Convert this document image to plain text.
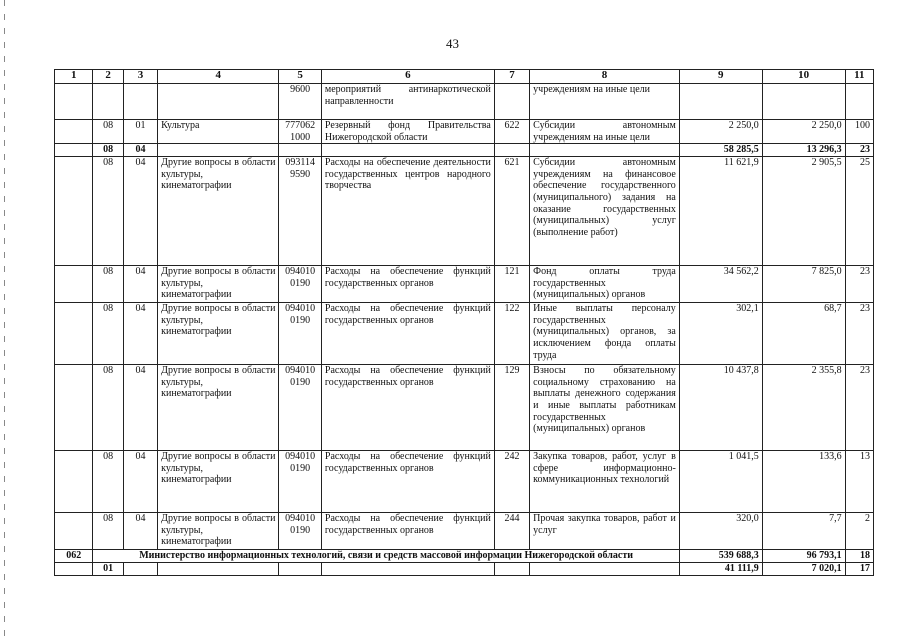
43
1	2	3	4	5	6	7	8	9	10	11
				9600	мероприятий антинаркотической направленности		учреждениям на иные цели			
	08	01	Культура	777062 1000	Резервный фонд Правительства Нижегородской области	622	Субсидии автономным учреждениям на иные цели	2 250,0	2 250,0	100
	08	04						58 285,5	13 296,3	23
	08	04	Другие вопросы в области культуры, кинематографии	093114 9590	Расходы на обеспечение деятельности государственных центров народного творчества	621	Субсидии автономным учреждениям на финансовое обеспечение государственного (муниципального) задания на оказание государственных (муниципальных) услуг (выполнение работ)	11 621,9	2 905,5	25
	08	04	Другие вопросы в области культуры, кинематографии	094010 0190	Расходы на обеспечение функций государственных органов	121	Фонд оплаты труда государственных (муниципальных) органов	34 562,2	7 825,0	23
	08	04	Другие вопросы в области культуры, кинематографии	094010 0190	Расходы на обеспечение функций государственных органов	122	Иные выплаты персоналу государственных (муниципальных) органов, за исключением фонда оплаты труда	302,1	68,7	23
	08	04	Другие вопросы в области культуры, кинематографии	094010 0190	Расходы на обеспечение функций государственных органов	129	Взносы по обязательному социальному страхованию на выплаты денежного содержания и иные выплаты работникам государственных (муниципальных) органов	10 437,8	2 355,8	23
	08	04	Другие вопросы в области культуры, кинематографии	094010 0190	Расходы на обеспечение функций государственных органов	242	Закупка товаров, работ, услуг в сфере информационно-коммуникационных технологий	1 041,5	133,6	13
	08	04	Другие вопросы в области культуры, кинематографии	094010 0190	Расходы на обеспечение функций государственных органов	244	Прочая закупка товаров, работ и услуг	320,0	7,7	2
062	Министерство информационных технологий, связи и средств массовой информации Нижегородской области							539 688,3	96 793,1	18
	01							41 111,9	7 020,1	17
